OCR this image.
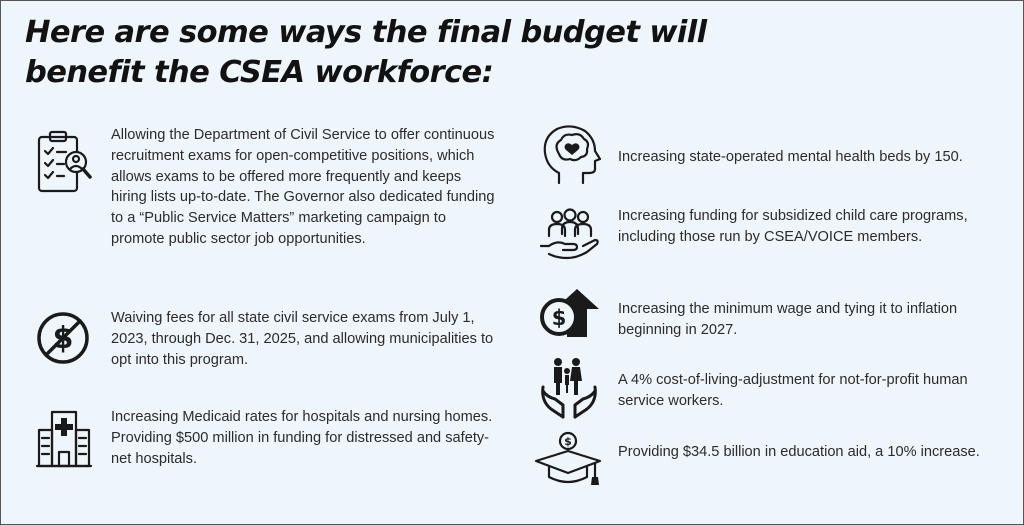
Here are some ways the final budget will
benefit the CSEA workforce:
Allowing the Department of Civil Service to offer continuous recruitment exams for open-competitive positions, which allows exams to be offered more frequently and keeps hiring lists up-to-date. The Governor also dedicated funding to a “Public Service Matters” marketing campaign to promote public sector job opportunities.
$
Waiving fees for all state civil service exams from July 1, 2023, through Dec. 31, 2025, and allowing municipalities to opt into this program.
Increasing Medicaid rates for hospitals and nursing homes. Providing $500 million in funding for distressed and safety-net hospitals.
Increasing state-operated mental health beds by 150.
Increasing funding for subsidized child care programs, including those run by CSEA/VOICE members.
$	Increasing the minimum wage and tying it to inflation beginning in 2027.
A 4% cost-of-living-adjustment for not-for-profit human service workers.
$
Providing $34.5 billion in education aid, a 10% increase.
